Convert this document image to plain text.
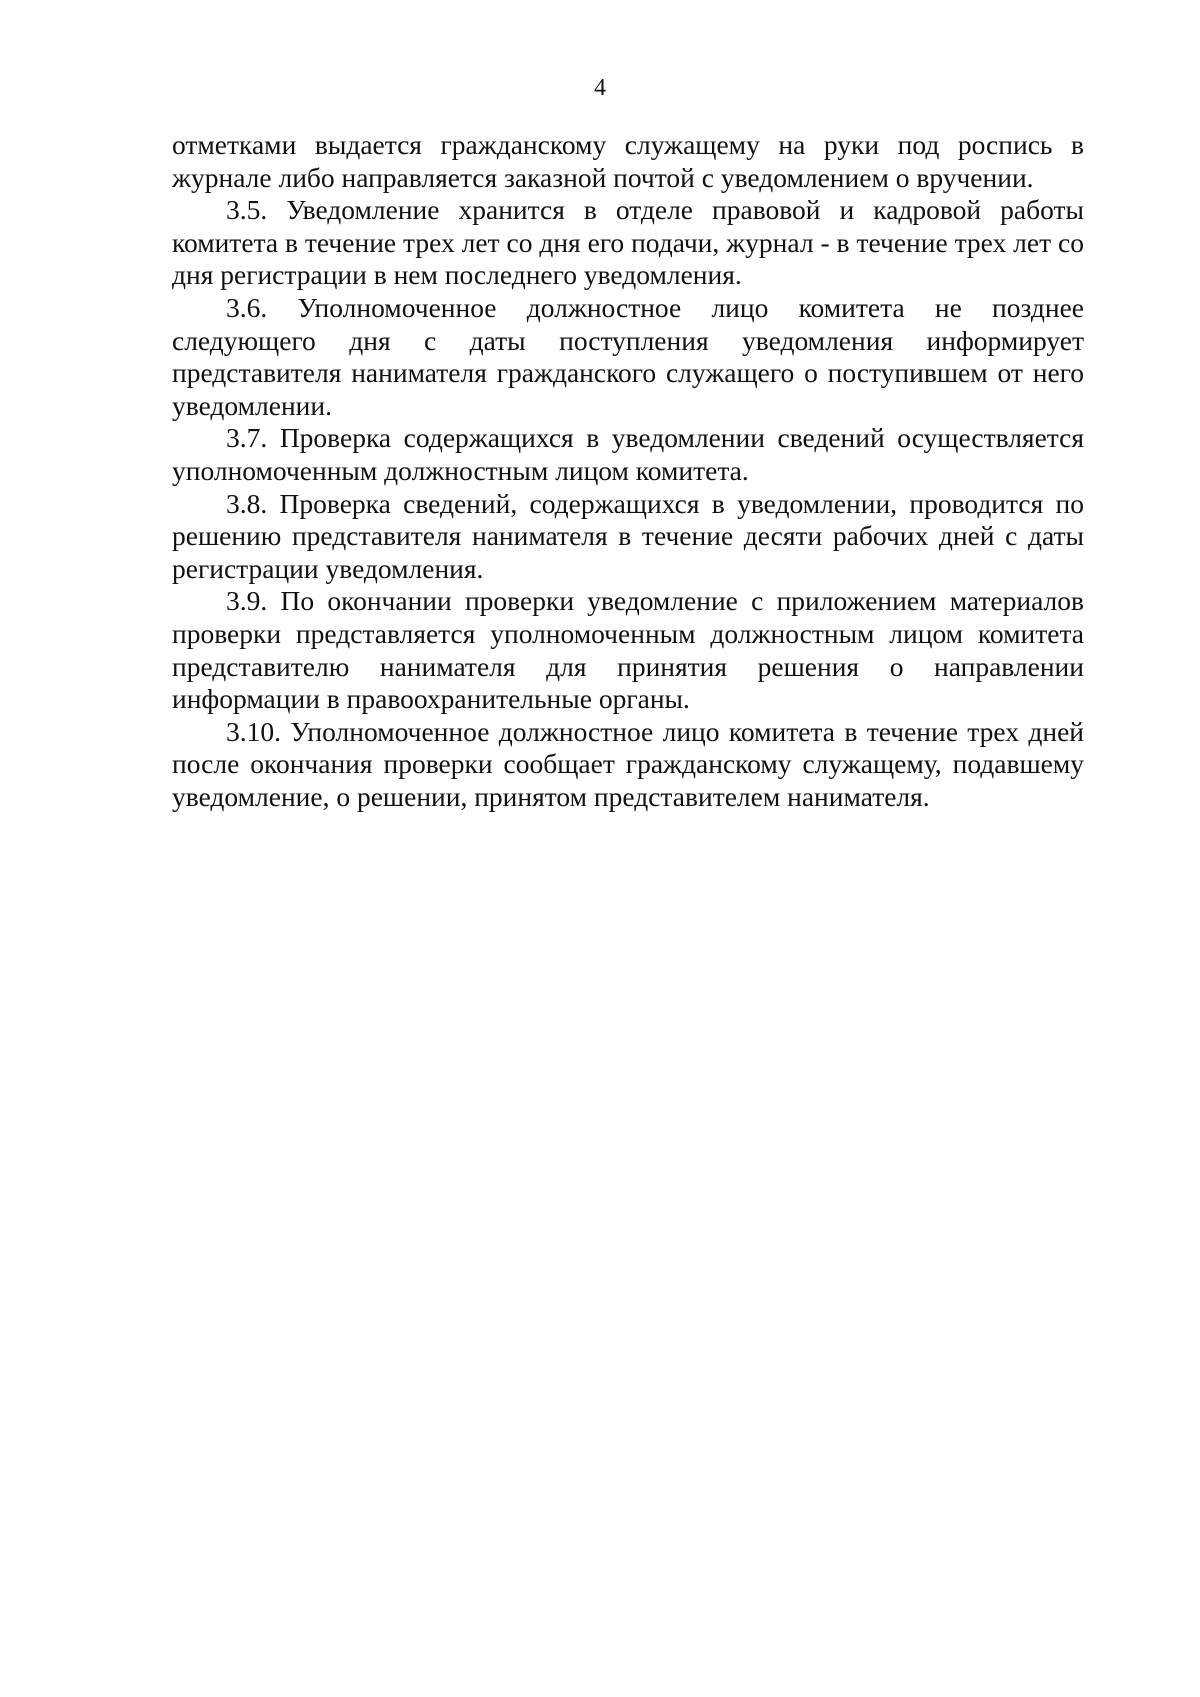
4

отметками выдается гражданскому служащему на руки под роспись в журнале либо направляется заказной почтой с уведомлением о вручении.

3.5. Уведомление хранится в отделе правовой и кадровой работы комитета в течение трех лет со дня его подачи, журнал - в течение трех лет со дня регистрации в нем последнего уведомления.

3.6. Уполномоченное должностное лицо комитета не позднее следующего дня с даты поступления уведомления информирует представителя нанимателя гражданского служащего о поступившем от него уведомлении.

3.7. Проверка содержащихся в уведомлении сведений осуществляется уполномоченным должностным лицом комитета.

3.8. Проверка сведений, содержащихся в уведомлении, проводится по решению представителя нанимателя в течение десяти рабочих дней с даты регистрации уведомления.

3.9. По окончании проверки уведомление с приложением материалов проверки представляется уполномоченным должностным лицом комитета представителю нанимателя для принятия решения о направлении информации в правоохранительные органы.

3.10. Уполномоченное должностное лицо комитета в течение трех дней после окончания проверки сообщает гражданскому служащему, подавшему уведомление, о решении, принятом представителем нанимателя.
